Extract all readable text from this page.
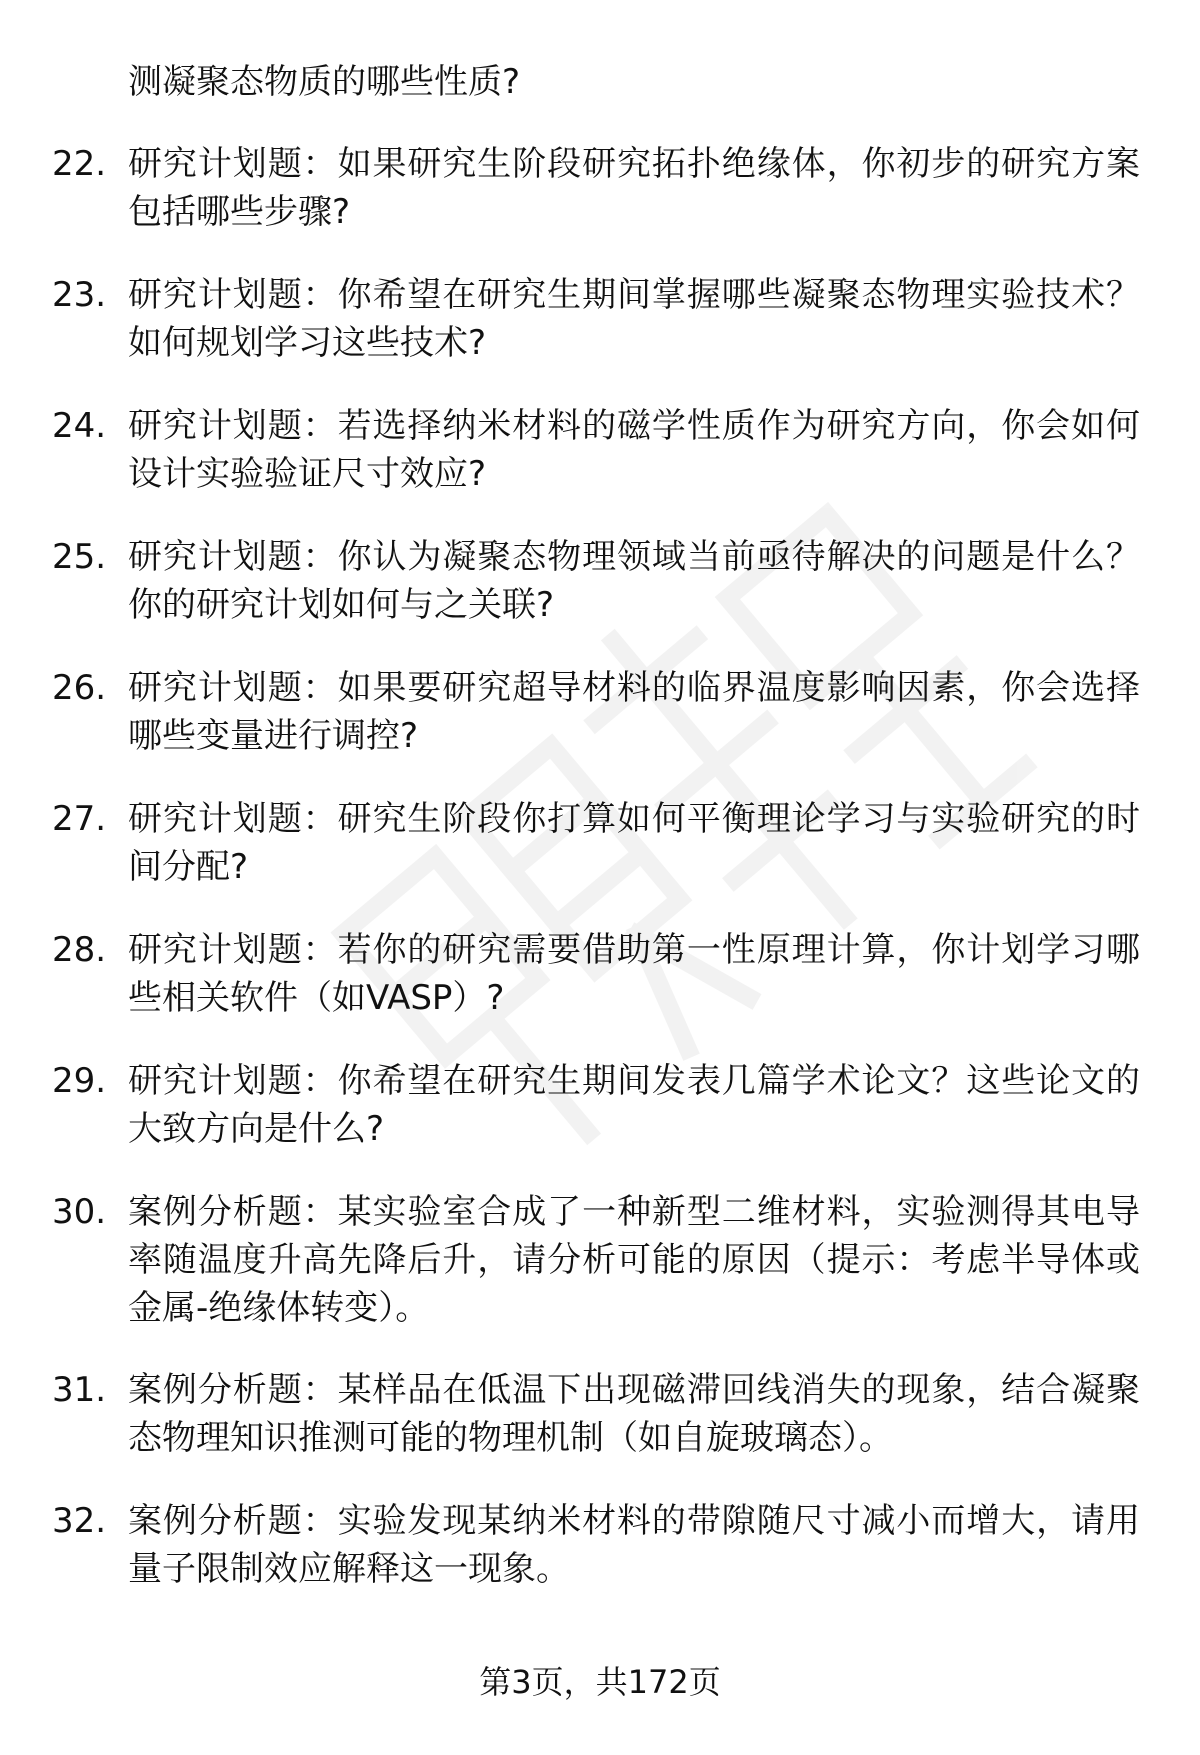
测凝聚态物质的哪些性质?
22. 研究计划题：如果研究生阶段研究拓扑绝缘体，你初步的研究方案包括哪些步骤?
23. 研究计划题：你希望在研究生期间掌握哪些凝聚态物理实验技术？如何规划学习这些技术?
24. 研究计划题：若选择纳米材料的磁学性质作为研究方向，你会如何设计实验验证尺寸效应?
25. 研究计划题：你认为凝聚态物理领域当前亟待解决的问题是什么？你的研究计划如何与之关联?
26. 研究计划题：如果要研究超导材料的临界温度影响因素，你会选择哪些变量进行调控?
27. 研究计划题：研究生阶段你打算如何平衡理论学习与实验研究的时间分配?
28. 研究计划题：若你的研究需要借助第一性原理计算，你计划学习哪些相关软件（如VASP）?
29. 研究计划题：你希望在研究生期间发表几篇学术论文？这些论文的大致方向是什么?
30. 案例分析题：某实验室合成了一种新型二维材料，实验测得其电导率随温度升高先降后升，请分析可能的原因（提示：考虑半导体或金属-绝缘体转变）。
31. 案例分析题：某样品在低温下出现磁滞回线消失的现象，结合凝聚态物理知识推测可能的物理机制（如自旋玻璃态）。
32. 案例分析题：实验发现某纳米材料的带隙随尺寸减小而增大，请用量子限制效应解释这一现象。
第3页，共172页
